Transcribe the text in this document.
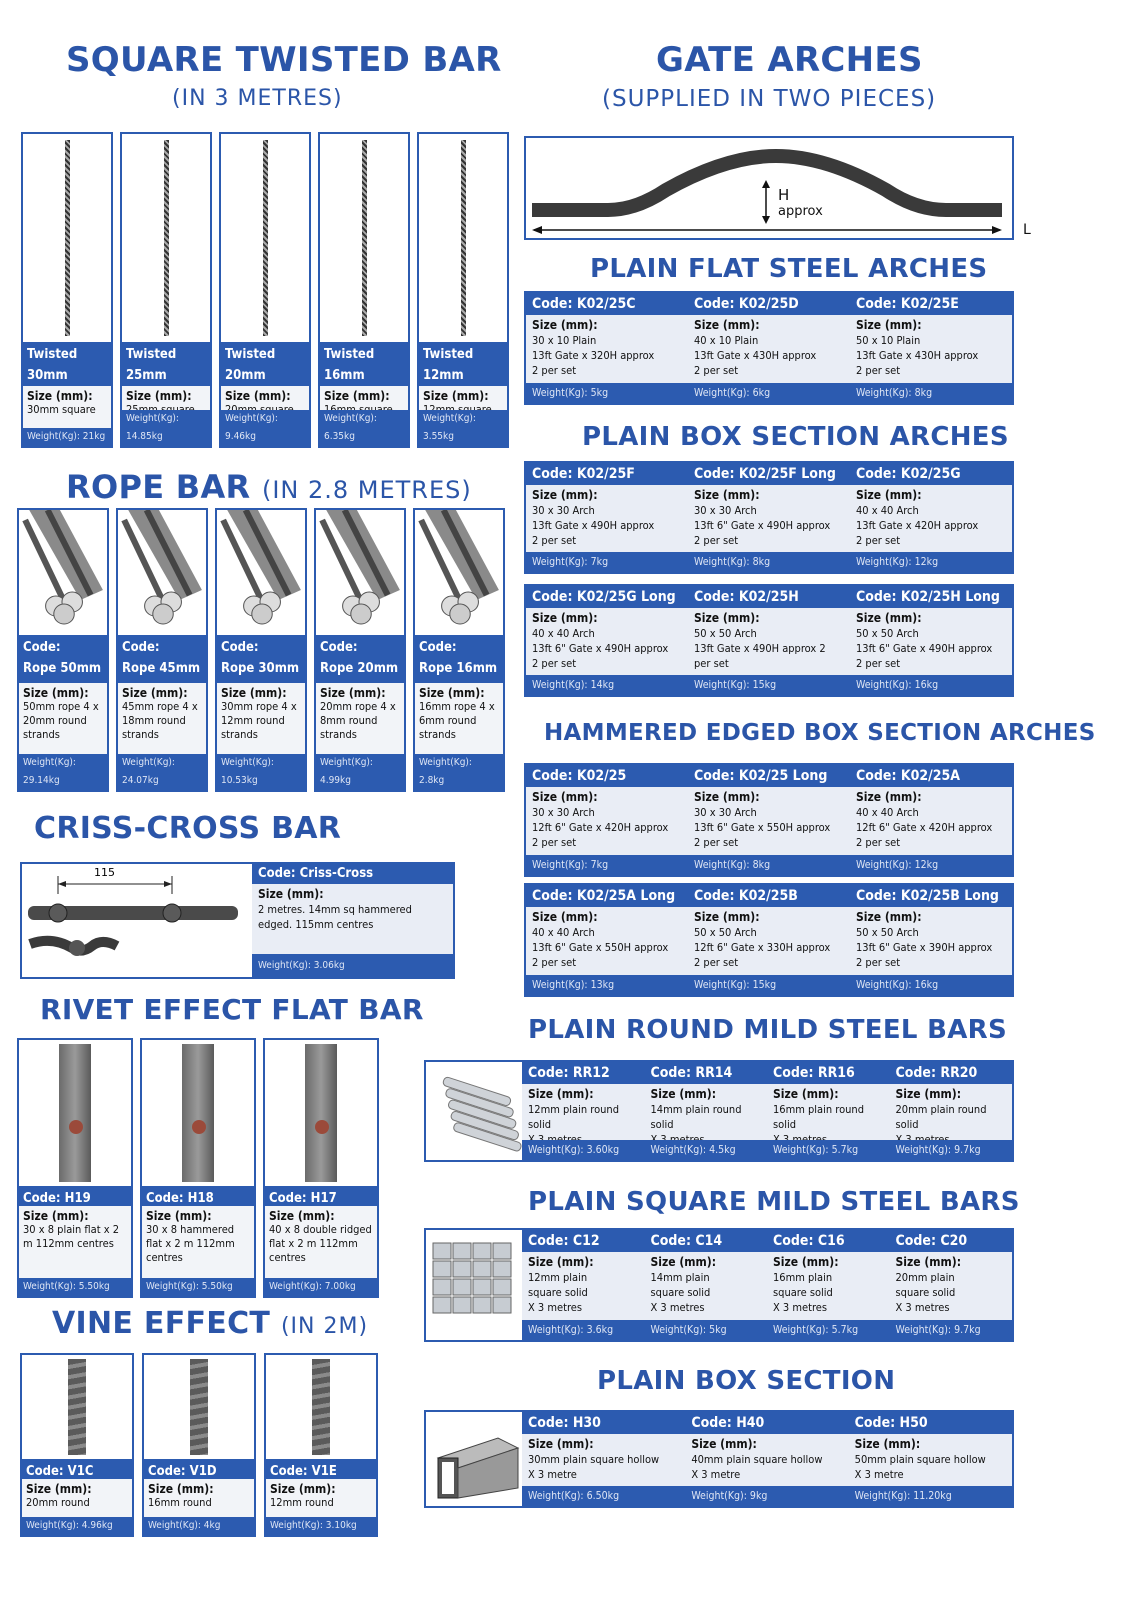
SQUARE TWISTED BAR
(IN 3 METRES)
Twisted
30mm
Size (mm):
30mm square
Weight(Kg): 21kg
Twisted
25mm
Size (mm):
Weight(Kg): 14.85kg
Twisted
20mm
Size (mm):
Weight(Kg): 9.46kg
Twisted
16mm
Size (mm):
Weight(Kg): 6.35kg
Twisted
12mm
Size (mm):
Weight(Kg): 3.55kg
ROPE BAR (IN 2.8 METRES)
Code:
Rope 50mm
Size (mm):
50mm rope 4 x 20mm round strands
Weight(Kg): 29.14kg
Code:
Rope 45mm
Size (mm):
45mm rope 4 x 18mm round strands
Weight(Kg): 24.07kg
Code:
Rope 30mm
Size (mm):
30mm rope 4 x 12mm round strands
Weight(Kg): 10.53kg
Code:
Rope 20mm
Size (mm):
20mm rope 4 x 8mm round strands
Weight(Kg): 4.99kg
Code:
Rope 16mm
Size (mm):
16mm rope 4 x 6mm round strands
Weight(Kg): 2.8kg
CRISS-CROSS BAR
115	Code: Criss-Cross
Size (mm):
2 metres. 14mm sq hammered edged. 115mm centres
Weight(Kg): 3.06kg
RIVET EFFECT FLAT BAR
Code: H19
Size (mm):
30 x 8 plain flat x 2 m 112mm centres
Weight(Kg): 5.50kg
Code: H18
Size (mm):
30 x 8 hammered flat x 2 m 112mm centres
Weight(Kg): 5.50kg
Code: H17
Size (mm):
40 x 8 double ridged flat x 2 m 112mm centres
Weight(Kg): 7.00kg
VINE EFFECT (IN 2M)
Code: V1C
Size (mm):
20mm round
Weight(Kg): 4.96kg
Code: V1D
Size (mm):
16mm round
Weight(Kg): 4kg
Code: V1E
Size (mm):
12mm round
Weight(Kg): 3.10kg
GATE ARCHES
(SUPPLIED IN TWO PIECES)
H
approx
L
PLAIN FLAT STEEL ARCHES
PLAIN BOX SECTION ARCHES
HAMMERED EDGED BOX SECTION ARCHES
PLAIN ROUND MILD STEEL BARS
PLAIN SQUARE MILD STEEL BARS
PLAIN BOX SECTION
Code: K02/25C	Code: K02/25D	Code: K02/25E
Size (mm):
30 x 10 Plain
13ft Gate x 320H approx
2 per set
Size (mm):
40 x 10 Plain
13ft Gate x 430H approx
2 per set
Size (mm):
50 x 10 Plain
13ft Gate x 430H approx
2 per set
Weight(Kg): 5kg	Weight(Kg): 6kg	Weight(Kg): 8kg
Code: K02/25F	Code: K02/25F Long	Code: K02/25G
Size (mm):
30 x 30 Arch
13ft Gate x 490H approx
2 per set
Size (mm):
30 x 30 Arch
13ft 6" Gate x 490H approx
2 per set
Size (mm):
40 x 40 Arch
13ft Gate x 420H approx
2 per set
Weight(Kg): 7kg	Weight(Kg): 8kg	Weight(Kg): 12kg
Code: K02/25G Long	Code: K02/25H	Code: K02/25H Long
Size (mm):
40 x 40 Arch
13ft 6" Gate x 490H approx
2 per set
Size (mm):
50 x 50 Arch
13ft Gate x 490H approx 2
per set
Size (mm):
50 x 50 Arch
13ft 6" Gate x 490H approx
2 per set
Weight(Kg): 14kg	Weight(Kg): 15kg	Weight(Kg): 16kg
Code: K02/25	Code: K02/25 Long	Code: K02/25A
Size (mm):
30 x 30 Arch
12ft 6" Gate x 420H approx
2 per set
Size (mm):
30 x 30 Arch
13ft 6" Gate x 550H approx
2 per set
Size (mm):
40 x 40 Arch
12ft 6" Gate x 420H approx
2 per set
Weight(Kg): 7kg	Weight(Kg): 8kg	Weight(Kg): 12kg
Code: K02/25A Long	Code: K02/25B	Code: K02/25B Long
Size (mm):
40 x 40 Arch
13ft 6" Gate x 550H approx
2 per set
Size (mm):
50 x 50 Arch
12ft 6" Gate x 330H approx
2 per set
Size (mm):
50 x 50 Arch
13ft 6" Gate x 390H approx
2 per set
Weight(Kg): 13kg	Weight(Kg): 15kg	Weight(Kg): 16kg
Code: RR12	Code: RR14	Code: RR16	Code: RR20
Size (mm):
12mm plain round solid
Size (mm):
14mm plain round solid
Size (mm):
16mm plain round solid
Size (mm):
20mm plain round solid
Weight(Kg): 3.60kg	Weight(Kg): 4.5kg	Weight(Kg): 5.7kg	Weight(Kg): 9.7kg
Code: C12	Code: C14	Code: C16	Code: C20
Size (mm):
12mm plain
square solid
X 3 metres
Size (mm):
14mm plain
square solid
X 3 metres
Size (mm):
16mm plain
square solid
X 3 metres
Size (mm):
20mm plain
square solid
X 3 metres
Weight(Kg): 3.6kg	Weight(Kg): 5kg	Weight(Kg): 5.7kg	Weight(Kg): 9.7kg
Code: H30	Code: H40	Code: H50
Size (mm):
30mm plain square hollow
X 3 metre
Size (mm):
40mm plain square hollow
X 3 metre
Size (mm):
50mm plain square hollow
X 3 metre
Weight(Kg): 6.50kg	Weight(Kg): 9kg	Weight(Kg): 11.20kg
